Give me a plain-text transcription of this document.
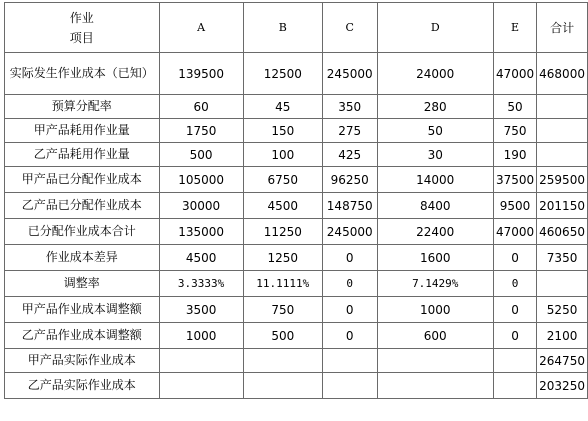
作业
项目	A	B	C	D	E	合计
实际发生作业成本（已知）	139500	12500	245000	24000	47000	468000
预算分配率	60	45	350	280	50	
甲产品耗用作业量	1750	150	275	50	750	
乙产品耗用作业量	500	100	425	30	190	
甲产品已分配作业成本	105000	6750	96250	14000	37500	259500
乙产品已分配作业成本	30000	4500	148750	8400	9500	201150
已分配作业成本合计	135000	11250	245000	22400	47000	460650
作业成本差异	4500	1250	0	1600	0	7350
调整率	3.3333%	11.1111%	0	7.1429%	0	
甲产品作业成本调整额	3500	750	0	1000	0	5250
乙产品作业成本调整额	1000	500	0	600	0	2100
甲产品实际作业成本						264750
乙产品实际作业成本						203250
